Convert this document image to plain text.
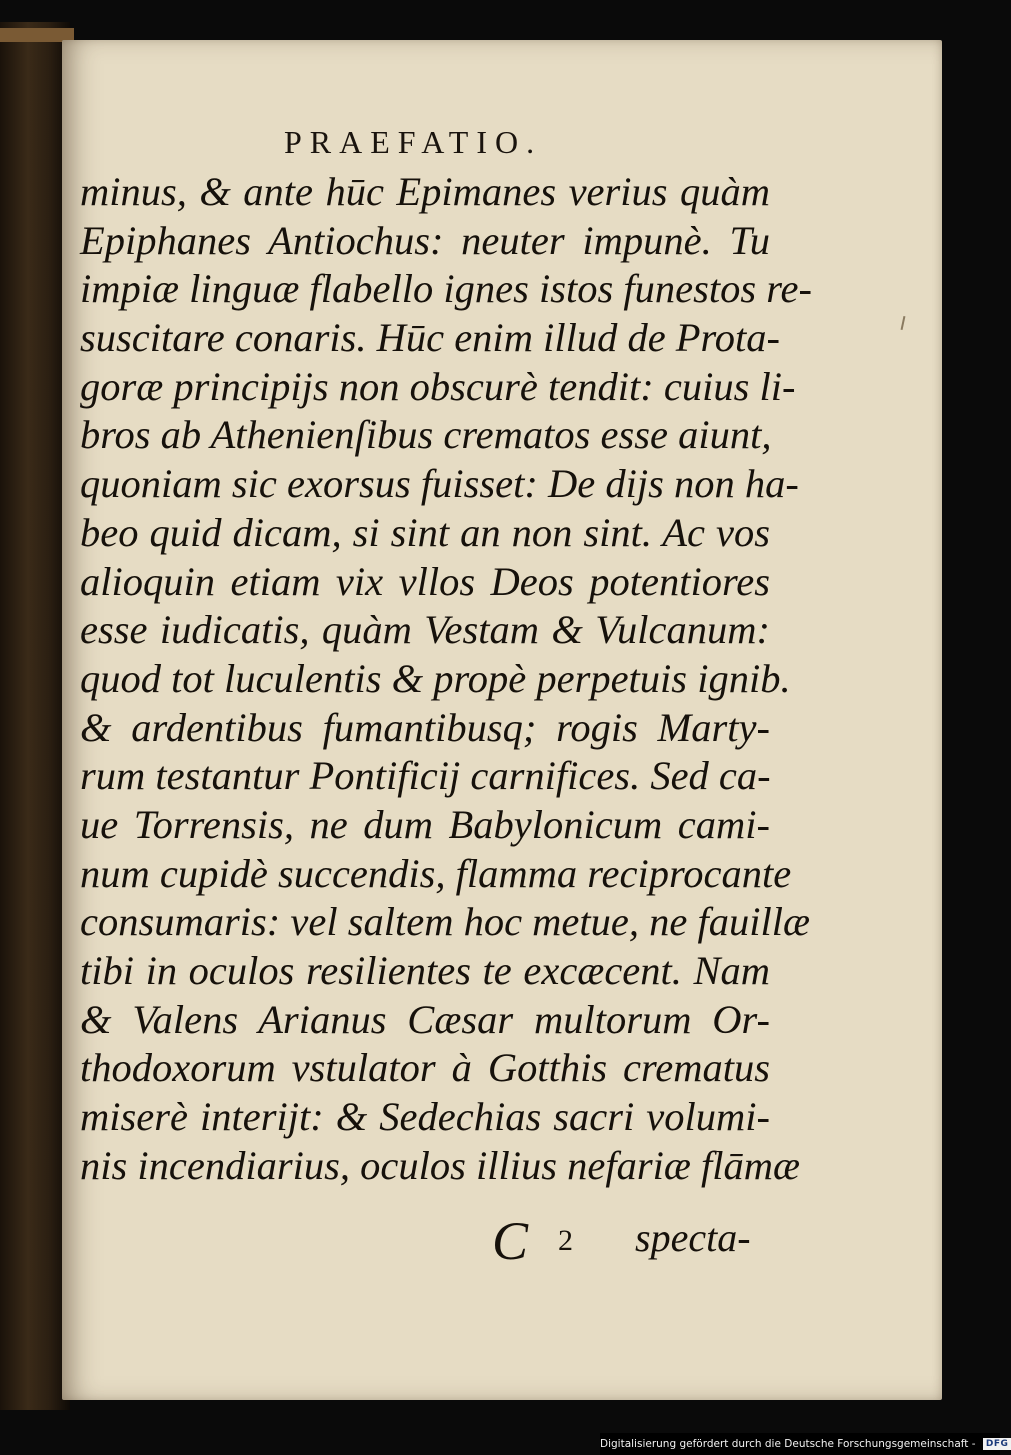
PRAEFATIO.
minus, & ante hūc Epimanes verius quàm
Epiphanes Antiochus: neuter impunè. Tu
impiæ linguæ flabello ignes istos funestos re-
suscitare conaris. Hūc enim illud de Prota-
goræ principijs non obscurè tendit: cuius li-
bros ab Athenienſibus crematos esse aiunt,
quoniam sic exorsus fuisset: De dijs non ha-
beo quid dicam, si sint an non sint. Ac vos
alioquin etiam vix vllos Deos potentiores
esse iudicatis, quàm Vestam & Vulcanum:
quod tot luculentis & propè perpetuis ignib.
& ardentibus fumantibusq; rogis Marty-
rum testantur Pontificij carnifices. Sed ca-
ue Torrensis, ne dum Babylonicum cami-
num cupidè succendis, flamma reciprocante
consumaris: vel saltem hoc metue, ne fauillæ
tibi in oculos resilientes te excæcent. Nam
& Valens Arianus Cæsar multorum Or-
thodoxorum vstulator à Gotthis crematus
miserè interijt: & Sedechias sacri volumi-
nis incendiarius, oculos illius nefariæ flāmæ
C 2 specta-
Digitalisierung gefördert durch die Deutsche Forschungsgemeinschaft - DFG
